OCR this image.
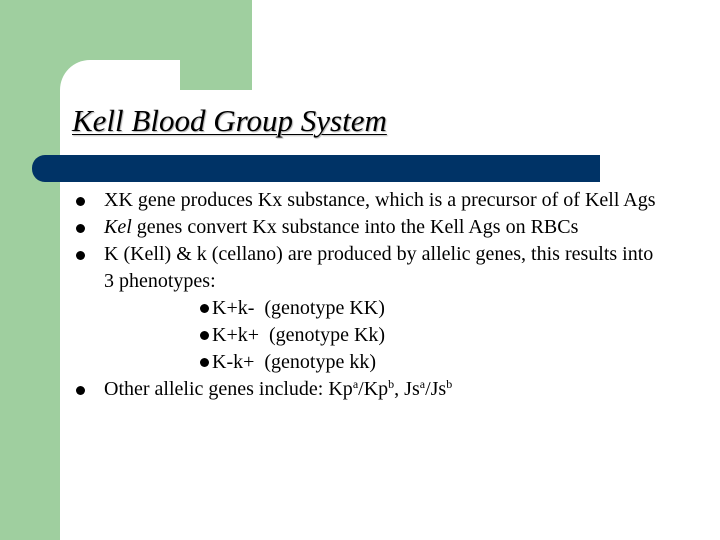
Kell Blood Group System
XK gene produces Kx substance, which is a precursor of of Kell Ags
Kel genes convert Kx substance into the Kell Ags on RBCs
K (Kell) & k (cellano) are produced by allelic genes, this results into 3 phenotypes:
K+k- (genotype KK)
K+k+ (genotype Kk)
K-k+ (genotype kk)
Other allelic genes include: Kp$^a$/Kp$^b$, Js$^a$/Js$^b$
